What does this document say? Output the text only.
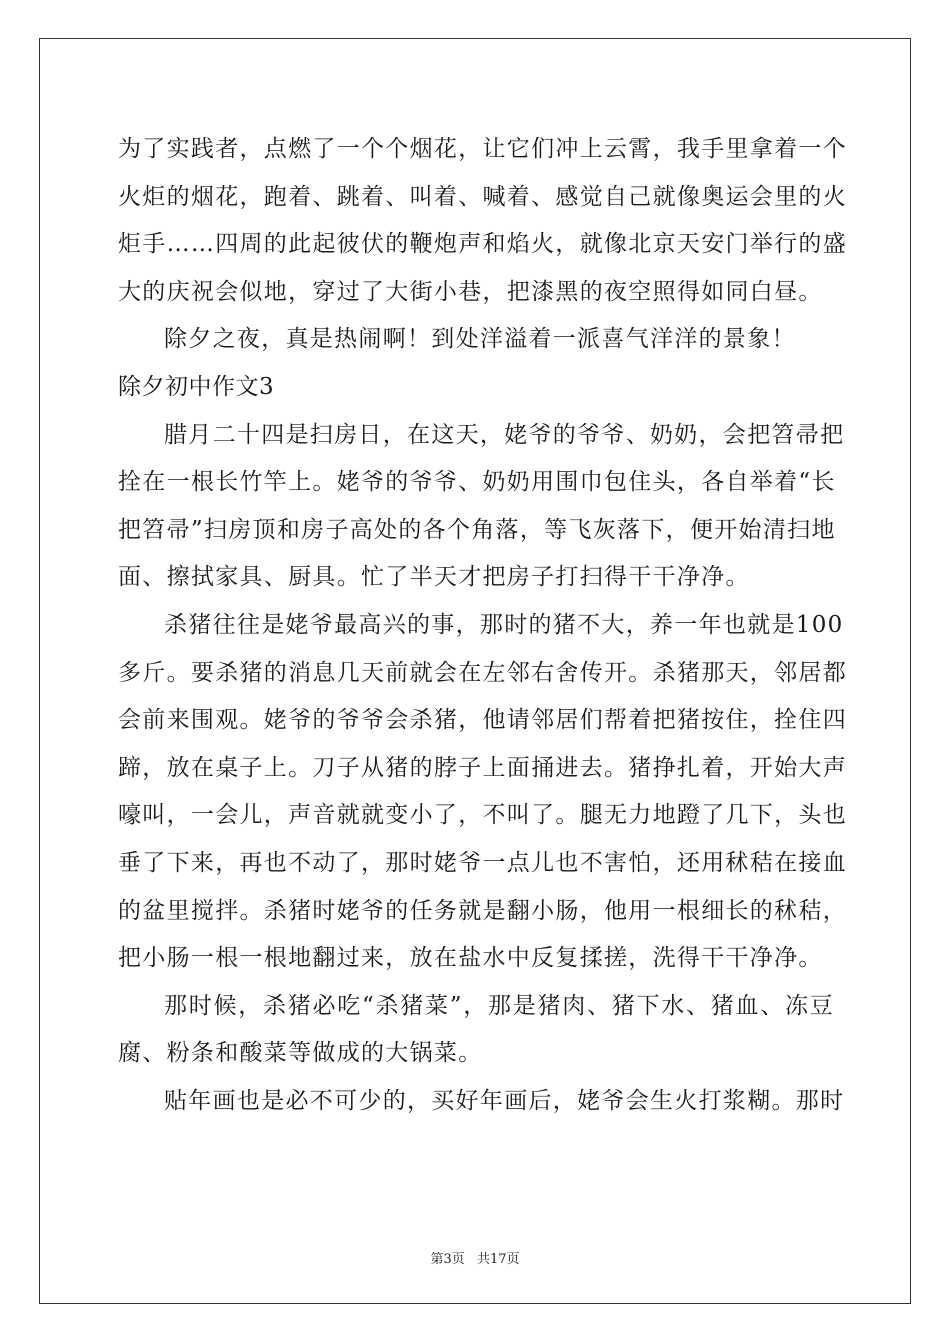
为了实践者，点燃了一个个烟花，让它们冲上云霄，我手里拿着一个
火炬的烟花，跑着、跳着、叫着、喊着、感觉自己就像奥运会里的火
炬手……四周的此起彼伏的鞭炮声和焰火，就像北京天安门举行的盛
大的庆祝会似地，穿过了大街小巷，把漆黑的夜空照得如同白昼。
除夕之夜，真是热闹啊！到处洋溢着一派喜气洋洋的景象！
除夕初中作文3
腊月二十四是扫房日，在这天，姥爷的爷爷、奶奶，会把笤帚把
拴在一根长竹竿上。姥爷的爷爷、奶奶用围巾包住头，各自举着“长
把笤帚”扫房顶和房子高处的各个角落，等飞灰落下，便开始清扫地
面、擦拭家具、厨具。忙了半天才把房子打扫得干干净净。
杀猪往往是姥爷最高兴的事，那时的猪不大，养一年也就是100
多斤。要杀猪的消息几天前就会在左邻右舍传开。杀猪那天，邻居都
会前来围观。姥爷的爷爷会杀猪，他请邻居们帮着把猪按住，拴住四
蹄，放在桌子上。刀子从猪的脖子上面捅进去。猪挣扎着，开始大声
嚎叫，一会儿，声音就就变小了，不叫了。腿无力地蹬了几下，头也
垂了下来，再也不动了，那时姥爷一点儿也不害怕，还用秫秸在接血
的盆里搅拌。杀猪时姥爷的任务就是翻小肠，他用一根细长的秫秸，
把小肠一根一根地翻过来，放在盐水中反复揉搓，洗得干干净净。
那时候，杀猪必吃“杀猪菜”，那是猪肉、猪下水、猪血、冻豆
腐、粉条和酸菜等做成的大锅菜。
贴年画也是必不可少的，买好年画后，姥爷会生火打浆糊。那时
第3页 共17页
